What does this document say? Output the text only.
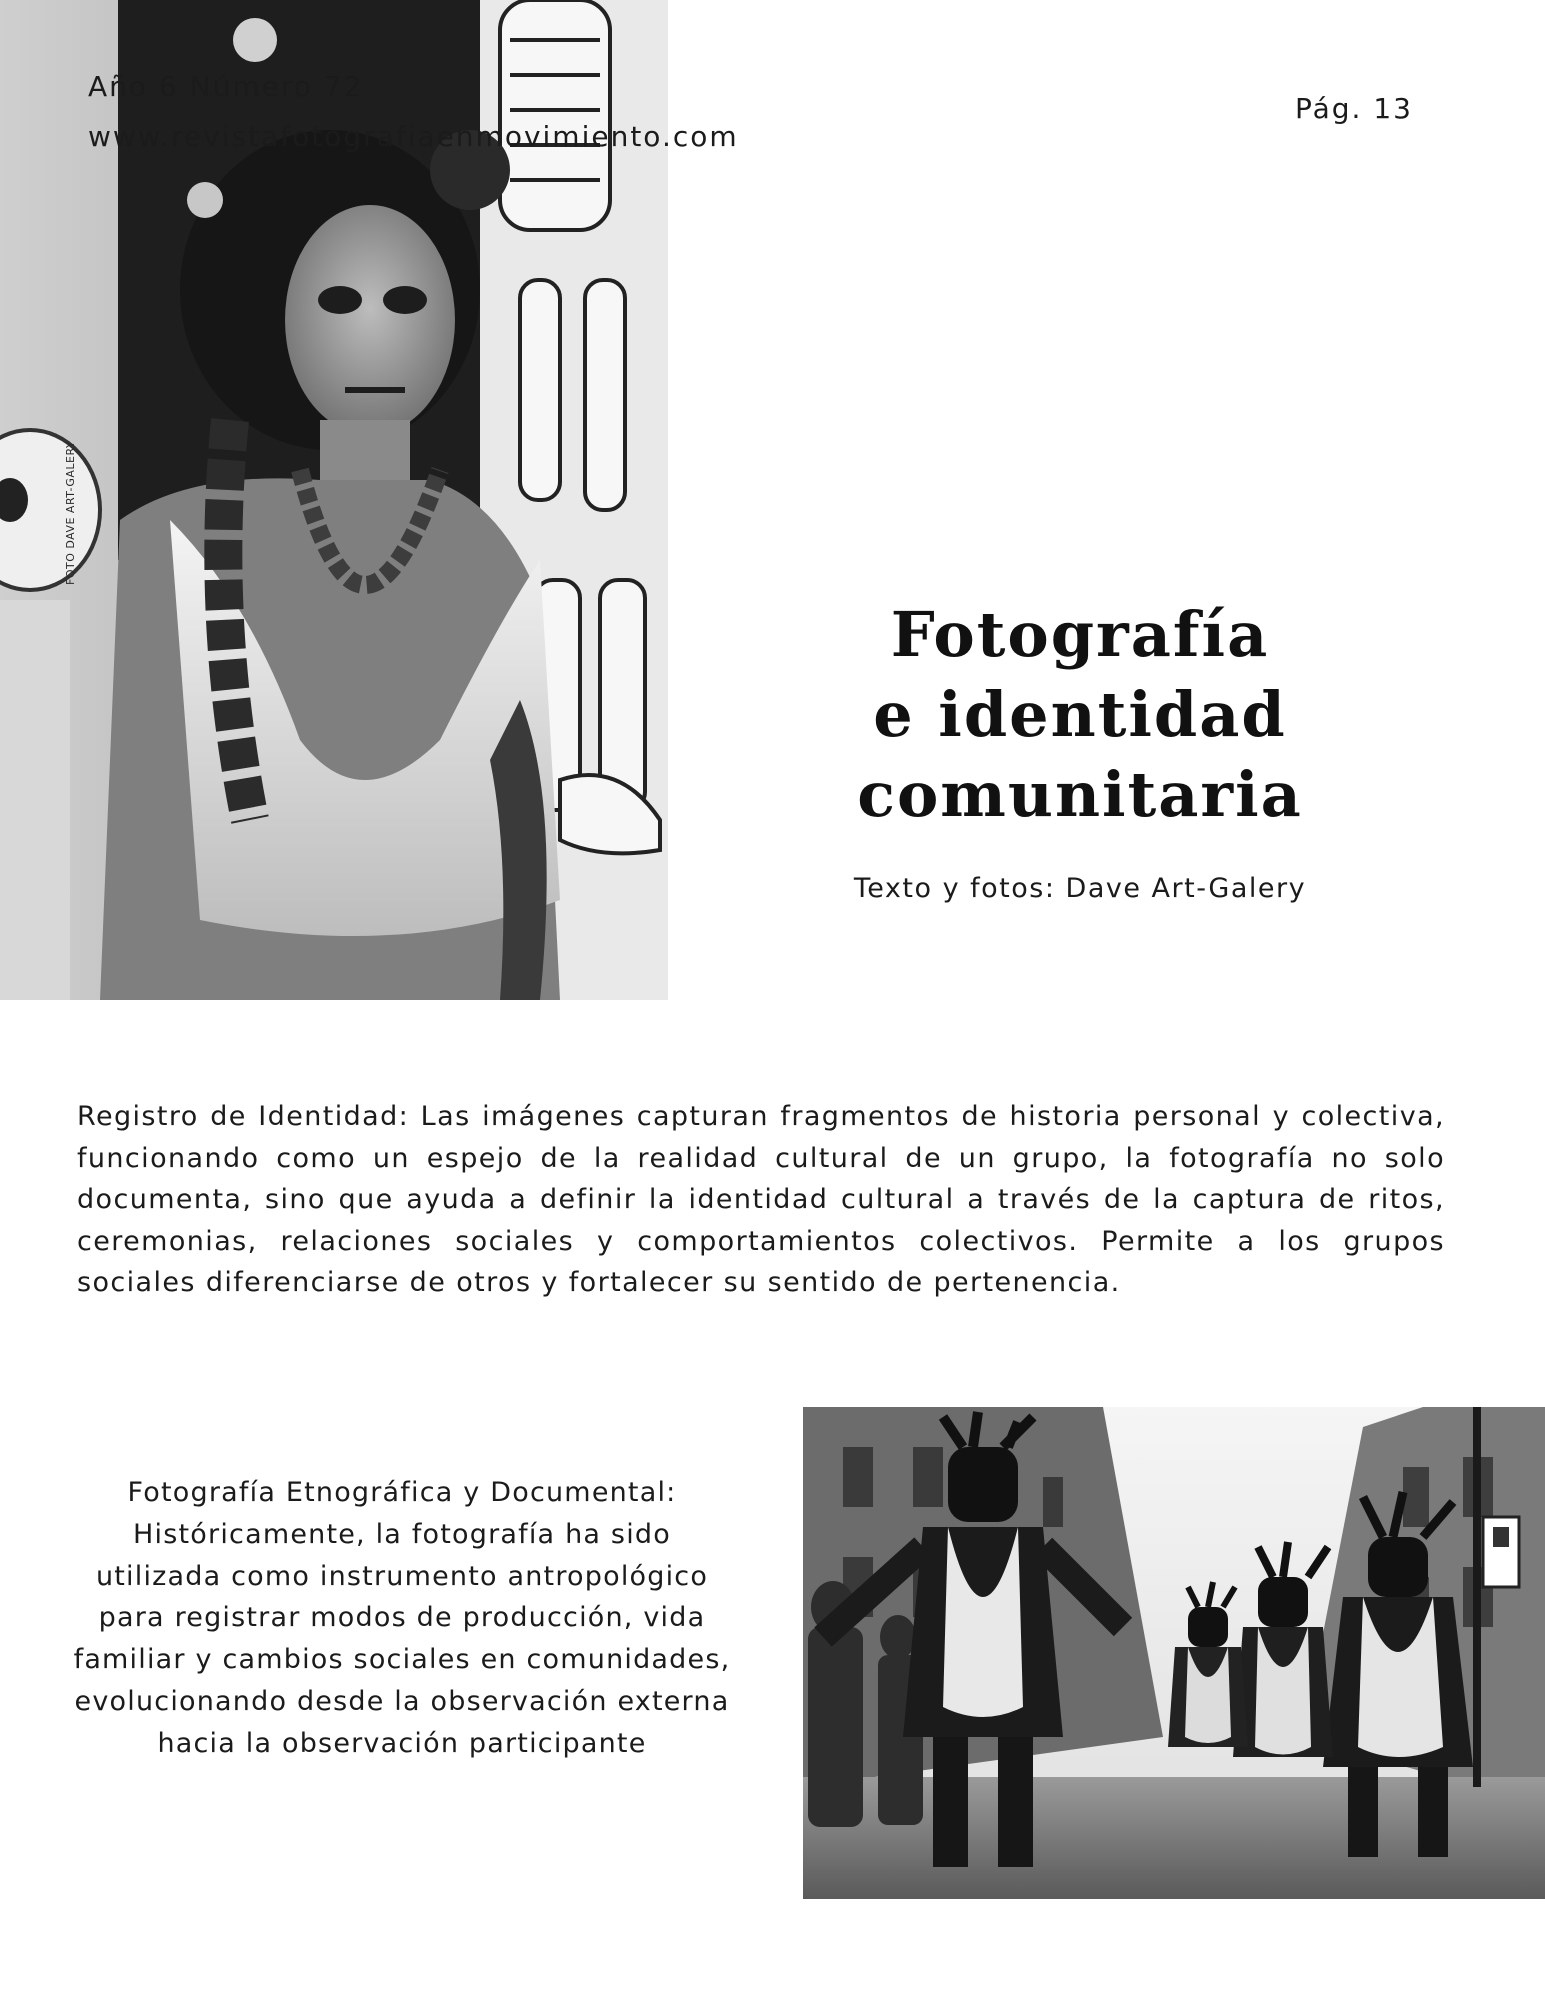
FOTO DAVE ART-GALERY
Año 6 Número 72
www.revistafotografiaenmovimiento.com
Pág. 13
Fotografía
e identidad
comunitaria
Texto y fotos: Dave Art-Galery

Registro de Identidad: Las imágenes capturan fragmentos de historia personal y colectiva, funcionando como un espejo de la realidad cultural de un grupo, la fotografía no solo documenta, sino que ayuda a definir la identidad cultural a través de la captura de ritos, ceremonias, relaciones sociales y comportamientos colectivos. Permite a los grupos sociales diferenciarse de otros y fortalecer su sentido de pertenencia.

Fotografía Etnográfica y Documental: Históricamente, la fotografía ha sido utilizada como instrumento antropológico para registrar modos de producción, vida familiar y cambios sociales en comunidades, evolucionando desde la observación externa hacia la observación participante
